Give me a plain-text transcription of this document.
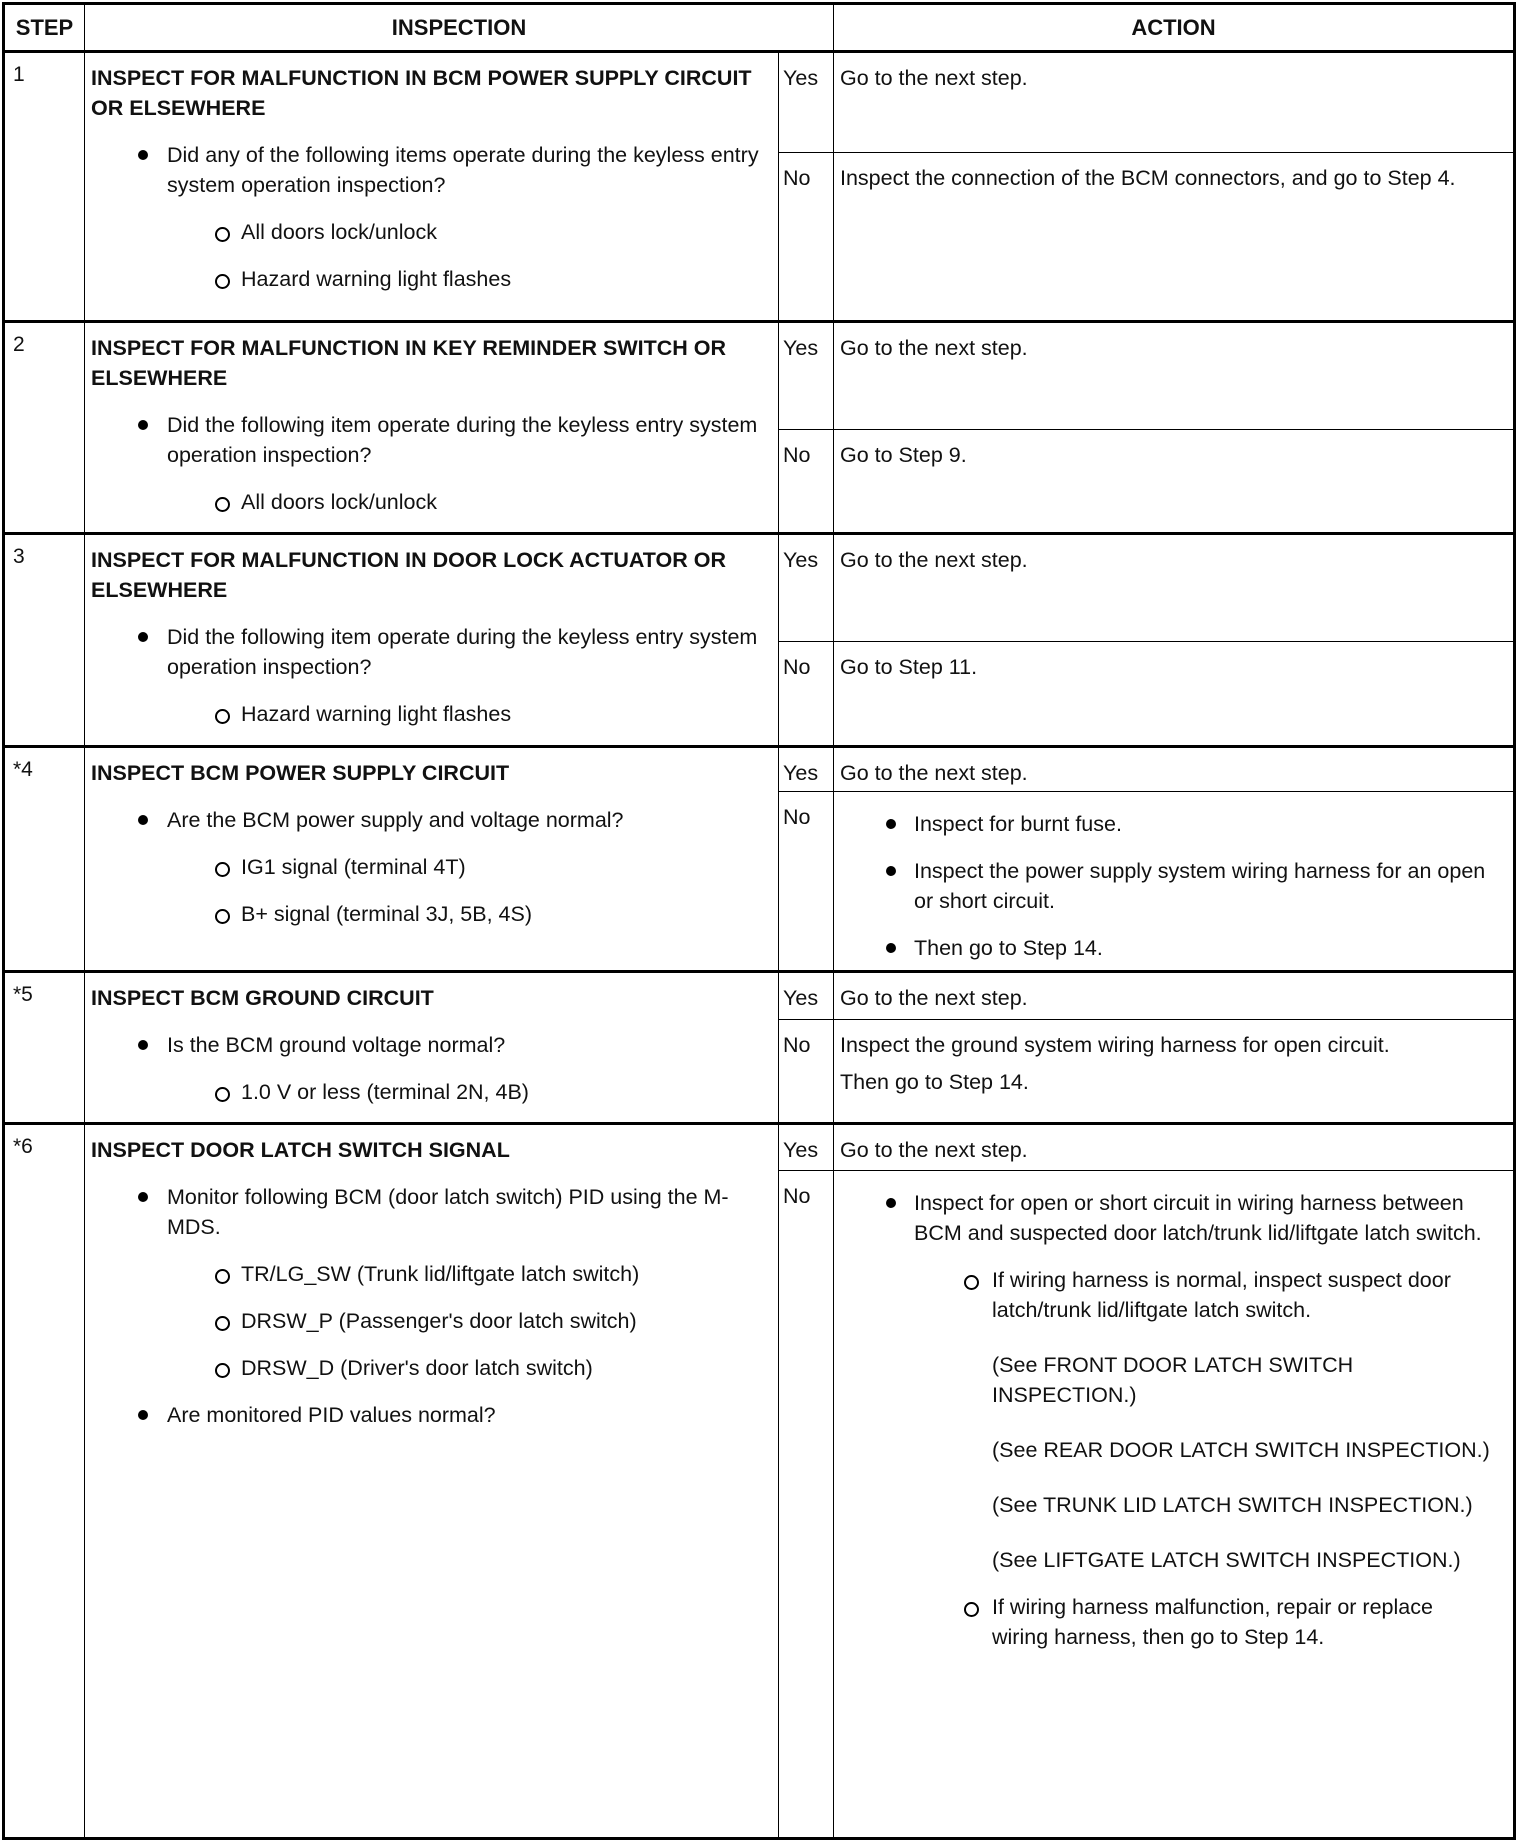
STEP	INSPECTION	ACTION
1	INSPECT FOR MALFUNCTION IN BCM POWER SUPPLY CIRCUIT OR ELSEWHERE
Did any of the following items operate during the keyless entry system operation inspection?
All doors lock/unlock
Hazard warning light flashes
Yes	Go to the next step.
No	Inspect the connection of the BCM connectors, and go to Step 4.
2	INSPECT FOR MALFUNCTION IN KEY REMINDER SWITCH OR ELSEWHERE
Did the following item operate during the keyless entry system operation inspection?
All doors lock/unlock
Yes	Go to the next step.
No	Go to Step 9.
3	INSPECT FOR MALFUNCTION IN DOOR LOCK ACTUATOR OR ELSEWHERE
Did the following item operate during the keyless entry system operation inspection?
Hazard warning light flashes
Yes	Go to the next step.
No	Go to Step 11.
*4	INSPECT BCM POWER SUPPLY CIRCUIT
Are the BCM power supply and voltage normal?
IG1 signal (terminal 4T)
B+ signal (terminal 3J, 5B, 4S)
Yes	Go to the next step.
No	Inspect for burnt fuse.
Inspect the power supply system wiring harness for an open or short circuit.
Then go to Step 14.
*5	INSPECT BCM GROUND CIRCUIT
Is the BCM ground voltage normal?
1.0 V or less (terminal 2N, 4B)
Yes	Go to the next step.
No	Inspect the ground system wiring harness for open circuit.
Then go to Step 14.
*6	INSPECT DOOR LATCH SWITCH SIGNAL
Monitor following BCM (door latch switch) PID using the M-MDS.
TR/LG_SW (Trunk lid/liftgate latch switch)
DRSW_P (Passenger's door latch switch)
DRSW_D (Driver's door latch switch)
Are monitored PID values normal?
Yes	Go to the next step.
No	Inspect for open or short circuit in wiring harness between BCM and suspected door latch/trunk lid/liftgate latch switch.
If wiring harness is normal, inspect suspect door latch/trunk lid/liftgate latch switch.
(See FRONT DOOR LATCH SWITCH INSPECTION.)
(See REAR DOOR LATCH SWITCH INSPECTION.)
(See TRUNK LID LATCH SWITCH INSPECTION.)
(See LIFTGATE LATCH SWITCH INSPECTION.)
If wiring harness malfunction, repair or replace wiring harness, then go to Step 14.
